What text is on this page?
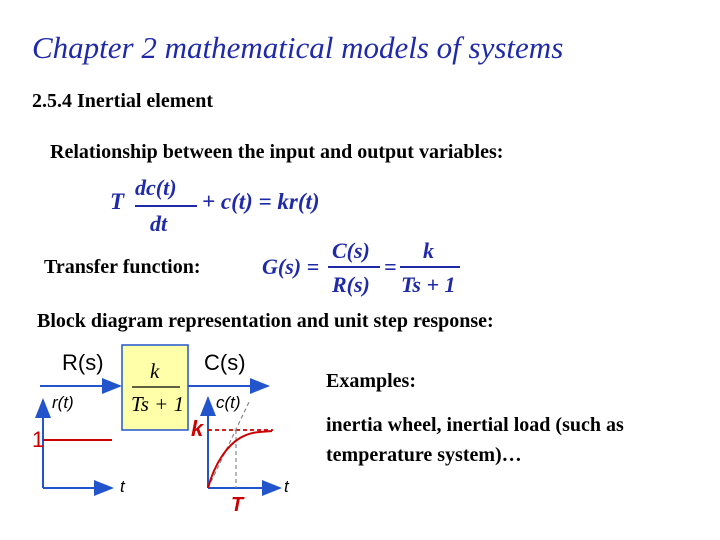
Chapter 2 mathematical models of systems
2.5.4 Inertial element
Relationship between the input and output variables:
T
dc(t)
dt
+ c(t) = kr(t)
Transfer function:	G(s) =
C(s)
R(s)
=
k
Ts + 1
Block diagram representation and unit step response:
R(s)	C(s)
k
Ts + 1
r(t)	c(t)
1	k
t	t
T
Examples:
inertia wheel, inertial load (such as temperature system)…
